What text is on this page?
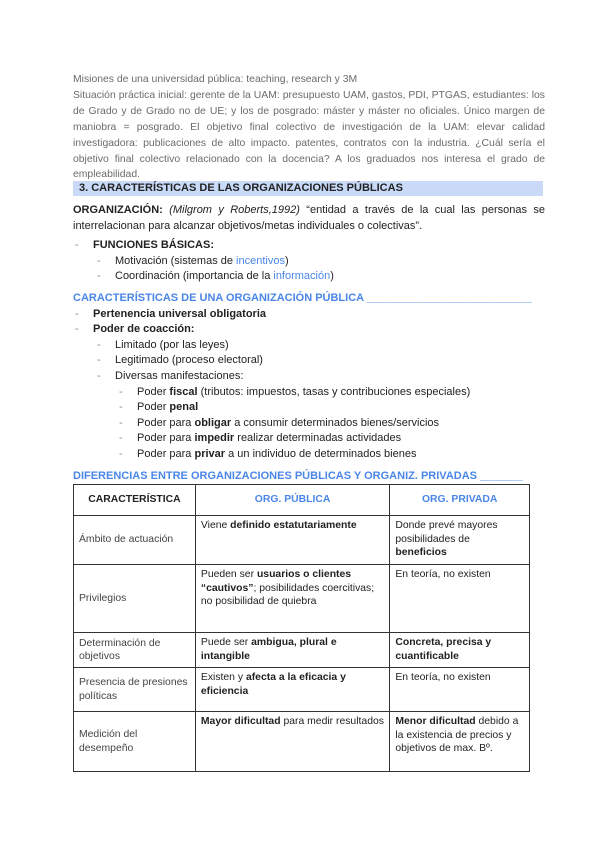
Misiones de una universidad pública: teaching, research y 3M

Situación práctica inicial: gerente de la UAM: presupuesto UAM, gastos, PDI, PTGAS, estudiantes: los de Grado y de Grado no de UE; y los de posgrado: máster y máster no oficiales. Único margen de maniobra = posgrado. El objetivo final colectivo de investigación de la UAM: elevar calidad investigadora: publicaciones de alto impacto. patentes, contratos con la industria. ¿Cuál sería el objetivo final colectivo relacionado con la docencia? A los graduados nos interesa el grado de empleabilidad.

3. CARACTERÍSTICAS DE LAS ORGANIZACIONES PÚBLICAS

ORGANIZACIÓN: (Milgrom y Roberts,1992) “entidad a través de la cual las personas se interrelacionan para alcanzar objetivos/metas individuales o colectivas”.

- FUNCIONES BÁSICAS:
- Motivación (sistemas de incentivos)
- Coordinación (importancia de la información)
CARACTERÍSTICAS DE UNA ORGANIZACIÓN PÚBLICA ___________________________
- Pertenencia universal obligatoria
- Poder de coacción:
- Limitado (por las leyes)
- Legitimado (proceso electoral)
- Diversas manifestaciones:
- Poder fiscal (tributos: impuestos, tasas y contribuciones especiales)
- Poder penal
- Poder para obligar a consumir determinados bienes/servicios
- Poder para impedir realizar determinadas actividades
- Poder para privar a un individuo de determinados bienes
DIFERENCIAS ENTRE ORGANIZACIONES PÚBLICAS Y ORGANIZ. PRIVADAS _______
CARACTERÍSTICA	ORG. PÚBLICA	ORG. PRIVADA
Ámbito de actuación	Viene definido estatutariamente	Donde prevé mayores posibilidades de beneficios
Privilegios	Pueden ser usuarios o clientes “cautivos”; posibilidades coercitivas; no posibilidad de quiebra	En teoría, no existen
Determinación de objetivos	Puede ser ambigua, plural e intangible	Concreta, precisa y cuantificable
Presencia de presiones políticas	Existen y afecta a la eficacia y eficiencia	En teoría, no existen
Medición del desempeño	Mayor dificultad para medir resultados	Menor dificultad debido a la existencia de precios y objetivos de max. Bº.
